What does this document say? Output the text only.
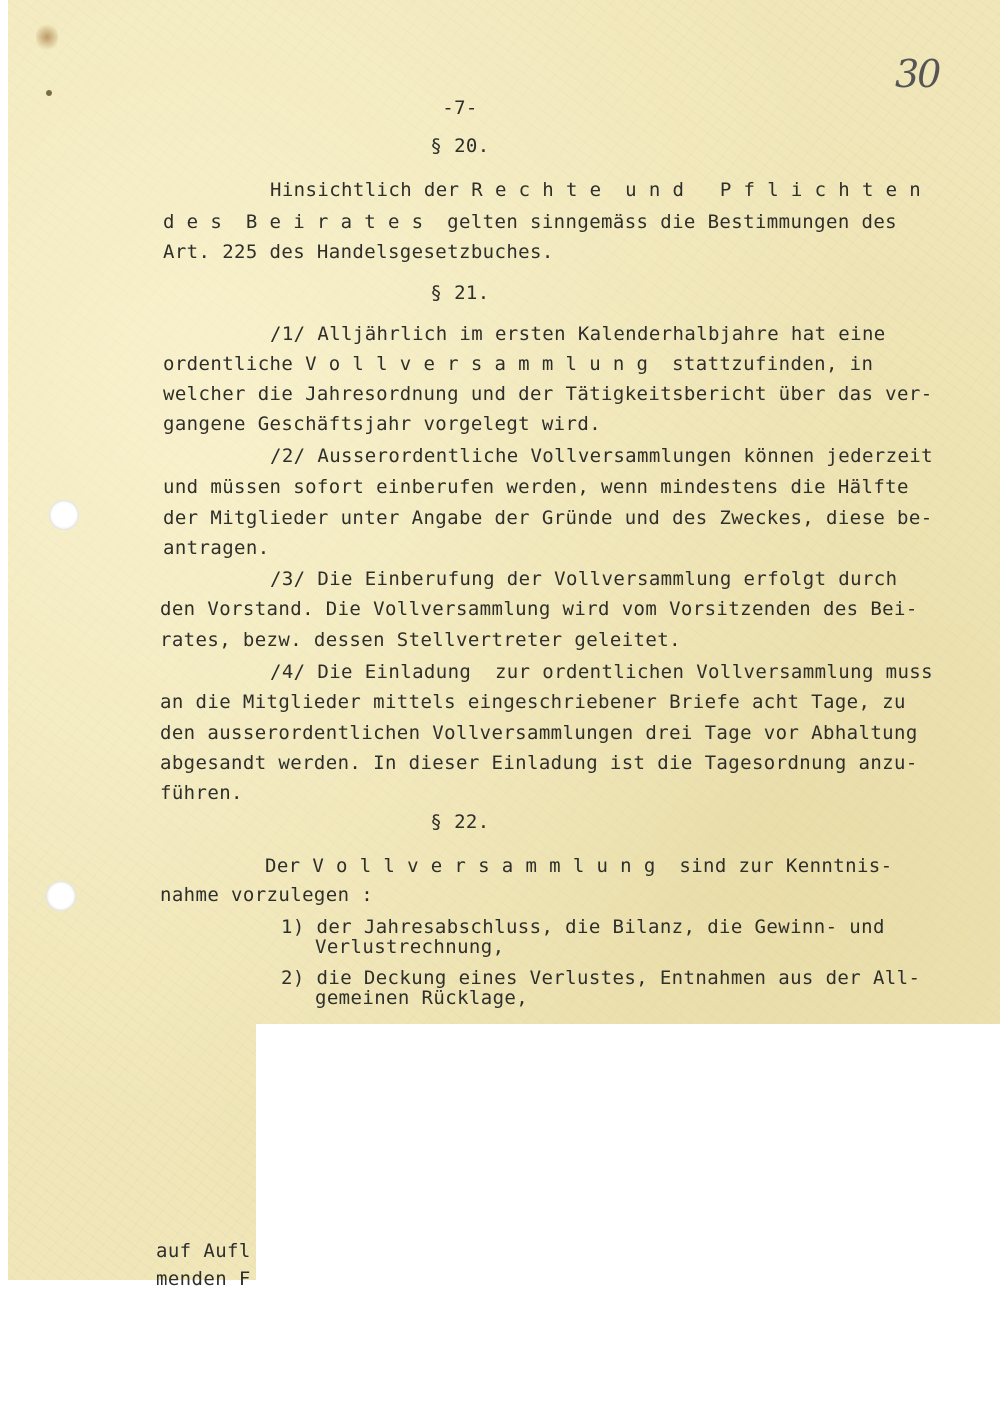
30
-7-
§ 20.
Hinsichtlich der R e c h t e  u n d   P f l i c h t e n
d e s  B e i r a t e s  gelten sinngemäss die Bestimmungen des
Art. 225 des Handelsgesetzbuches.
§ 21.
/1/ Alljährlich im ersten Kalenderhalbjahre hat eine
ordentliche V o l l v e r s a m m l u n g  stattzufinden, in
welcher die Jahresordnung und der Tätigkeitsbericht über das ver-
gangene Geschäftsjahr vorgelegt wird.
/2/ Ausserordentliche Vollversammlungen können jederzeit
und müssen sofort einberufen werden, wenn mindestens die Hälfte
der Mitglieder unter Angabe der Gründe und des Zweckes, diese be-
antragen.
/3/ Die Einberufung der Vollversammlung erfolgt durch
den Vorstand. Die Vollversammlung wird vom Vorsitzenden des Bei-
rates, bezw. dessen Stellvertreter geleitet.
/4/ Die Einladung  zur ordentlichen Vollversammlung muss
an die Mitglieder mittels eingeschriebener Briefe acht Tage, zu
den ausserordentlichen Vollversammlungen drei Tage vor Abhaltung
abgesandt werden. In dieser Einladung ist die Tagesordnung anzu-
führen.
§ 22.
Der V o l l v e r s a m m l u n g  sind zur Kenntnis-
nahme vorzulegen :
1) der Jahresabschluss, die Bilanz, die Gewinn- und
Verlustrechnung,
2) die Deckung eines Verlustes, Entnahmen aus der All-
gemeinen Rücklage,
auf Aufl
menden F
